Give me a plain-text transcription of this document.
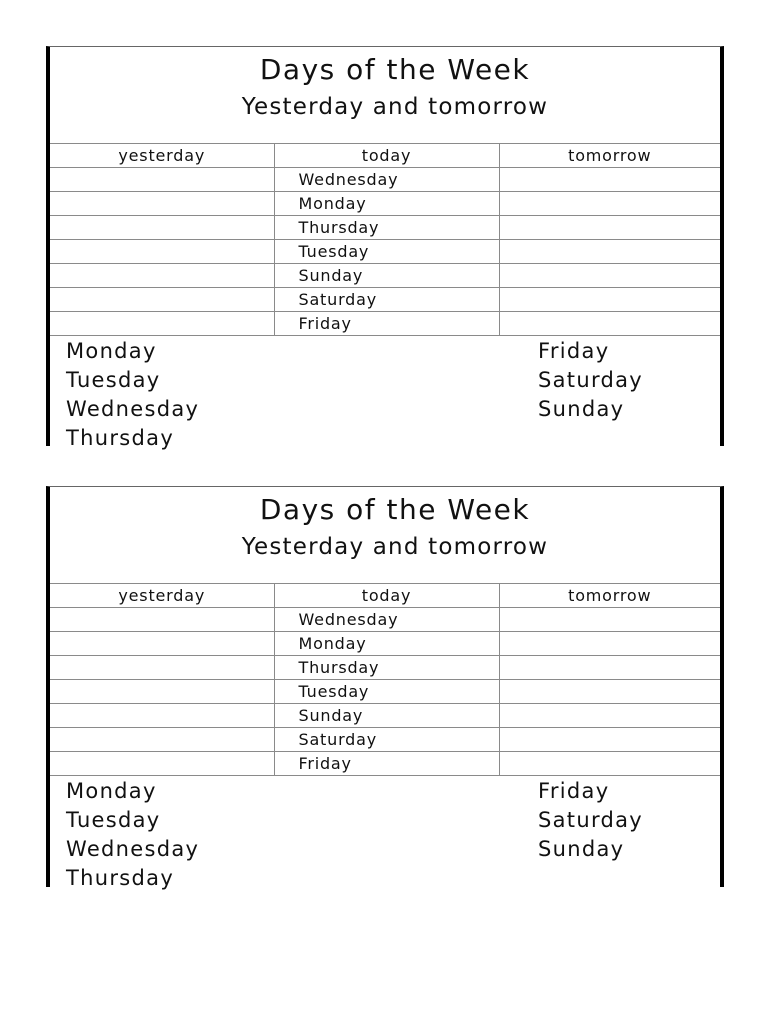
Days of the Week
Yesterday and tomorrow
yesterday	today	tomorrow
	Wednesday	
	Monday	
	Thursday	
	Tuesday	
	Sunday	
	Saturday	
	Friday	
Monday
Tuesday
Wednesday
Thursday
Friday
Saturday
Sunday
Days of the Week
Yesterday and tomorrow
yesterday	today	tomorrow
	Wednesday	
	Monday	
	Thursday	
	Tuesday	
	Sunday	
	Saturday	
	Friday	
Monday
Tuesday
Wednesday
Thursday
Friday
Saturday
Sunday
